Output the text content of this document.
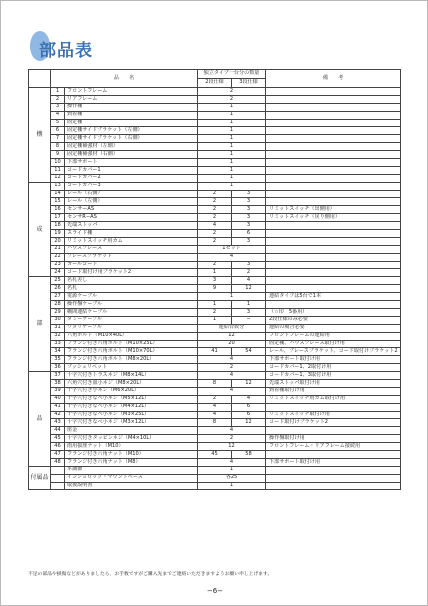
部品表
	品　　名		独立タイプ一台分の数量		備　　考
			2段仕様	3段仕様	
構	1	フロントフレーム	2		
	2	リアフレーム	2		
	3	操作棚	1		
	4	到着棚	1		
	5	固定棚	1		
	6	固定棚サイドブラケット（左側）	1		
	7	固定棚サイドブラケット（右側）	1		
	8	固定棚補強材（左側）	1		
	9	固定棚補強材（右側）	1		
	10	下部サポート	1		
	11	コードカバー1	1		
	12	コードカバー2	1		
成	13	コードカバー3	1		
	14	レール（右側）	2	3	
	15	レール（左側）	2	3	
	16	センサーAS	2	3	リミットスイッチ（出側用）
	17	センサR−AS	2	3	リミットスイッチ（戻り側用）
	18	先端ストッパ	4	3	
	19	スライド棚	2	6	
	20	リミットスイッチ用カム	2	3	
	21	ハウスブレース	1セット		
	22	ブレースブラケット	4		
	23	カールコード	2	3	
	24	コード取付け用ブラケット2	1	2	
部	25	名札差し	3	4	
	26	名札	9	12	
	27	電源ケーブル	1		連結タイプは5台で1本
	28	操作盤ケーブル	1	1	
	29	棚間連結ケーブル	2	3	（☆印　5番用）
	30	ダミーケーブル	1	−	2段仕様のみ必要
	31	ワタリケーブル	連結台数分		連結の場合必要
	32	六角ボルト（M10×40L）	12		フロントフレームの連結用
	33	フランジ付き六角ボルト（M10×25L）	20		固定棚、ハウスブレース取付け用
	34	フランジ付き六角ボルト（M10×70L）	41	54	レール、ブレースブラケット、コード取付けブラケット2
	35	フランジ付き六角ボルト（M8×20L）	4		下部サポート取付け用
	36	プッシュリベット	2		コードカバー1、2取付け用
品	37	十字穴付きトラスネジ（M8×14L）	4		コードカバー1、3取付け用
	38	六角穴付き皿小ネジ（M8×20L）	8	12	先端ストッパ取付け用
	39	十字穴付き小ネジ（M6×20L）	4		到着棚取付け用
	40	十字穴付きなべ小ネジ（M5×12L）	2	4	リミットスイッチ用カム取付け用
	41	十字穴付きなべ小ネジ（M4×12L）	4	6	
	42	十字穴付きなべ小ネジ（M3×25L）	4	6	リミットスイッチ取付け用
	43	十字穴付きなべ小ネジ（M3×12L）	8	12	コード取付けブラケット2
	44	座金	4		
	45	十字穴付きタッピンネジ（M4×10L）	2		操作盤取付け用
	46	雨用抜座ナット（M10）	12		フロントフレーム・リアフレーム接続用
	47	フランジ付き六角ナット（M10）	45	58	
	48	フランジ付き六角ナット（M8）	4		下部サポート取付け用
付属品		ネ調節	1		
		インシュロック・マウントベース	各25		
		取扱説明書	1		
不足の部品や損傷などがありましたら、お手数ですがご購入先までご連絡いただきますようお願い申し上げます。
−6−
